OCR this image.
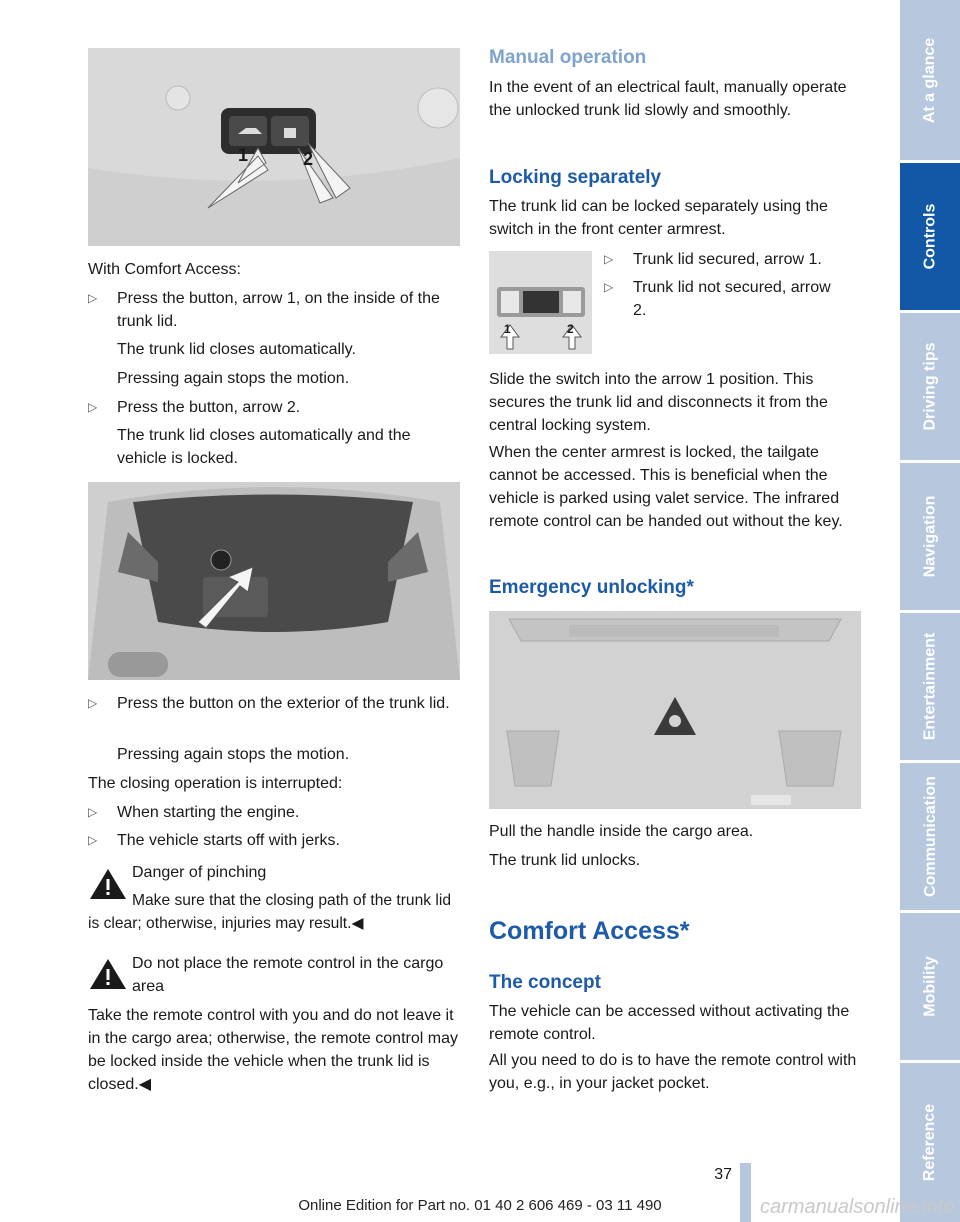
1	2

With Comfort Access:

▷ Press the button, arrow 1, on the inside of the trunk lid.

The trunk lid closes automatically.

Pressing again stops the motion.

▷ Press the button, arrow 2.

The trunk lid closes automatically and the vehicle is locked.

▷ Press the button on the exterior of the trunk lid.

Pressing again stops the motion.

The closing operation is interrupted:

▷ When starting the engine.
▷ The vehicle starts off with jerks.

Danger of pinching

Make sure that the closing path of the trunk lid is clear; otherwise, injuries may result.◀

Do not place the remote control in the cargo area

Take the remote control with you and do not leave it in the cargo area; otherwise, the remote control may be locked inside the vehicle when the trunk lid is closed.◀

Manual operation

In the event of an electrical fault, manually operate the unlocked trunk lid slowly and smoothly.

Locking separately

The trunk lid can be locked separately using the switch in the front center armrest.

1	2
▷ Trunk lid secured, arrow 1.
▷ Trunk lid not secured, arrow 2.

Slide the switch into the arrow 1 position. This secures the trunk lid and disconnects it from the central locking system.

When the center armrest is locked, the tailgate cannot be accessed. This is beneficial when the vehicle is parked using valet service. The infrared remote control can be handed out without the key.

Emergency unlocking*

Pull the handle inside the cargo area.

The trunk lid unlocks.

Comfort Access*

The concept

The vehicle can be accessed without activating the remote control.

All you need to do is to have the remote control with you, e.g., in your jacket pocket.

At a glance
Controls
Driving tips
Navigation
Entertainment
Communication
Mobility
Reference
37
Online Edition for Part no. 01 40 2 606 469 - 03 11 490	carmanualsonline.info
